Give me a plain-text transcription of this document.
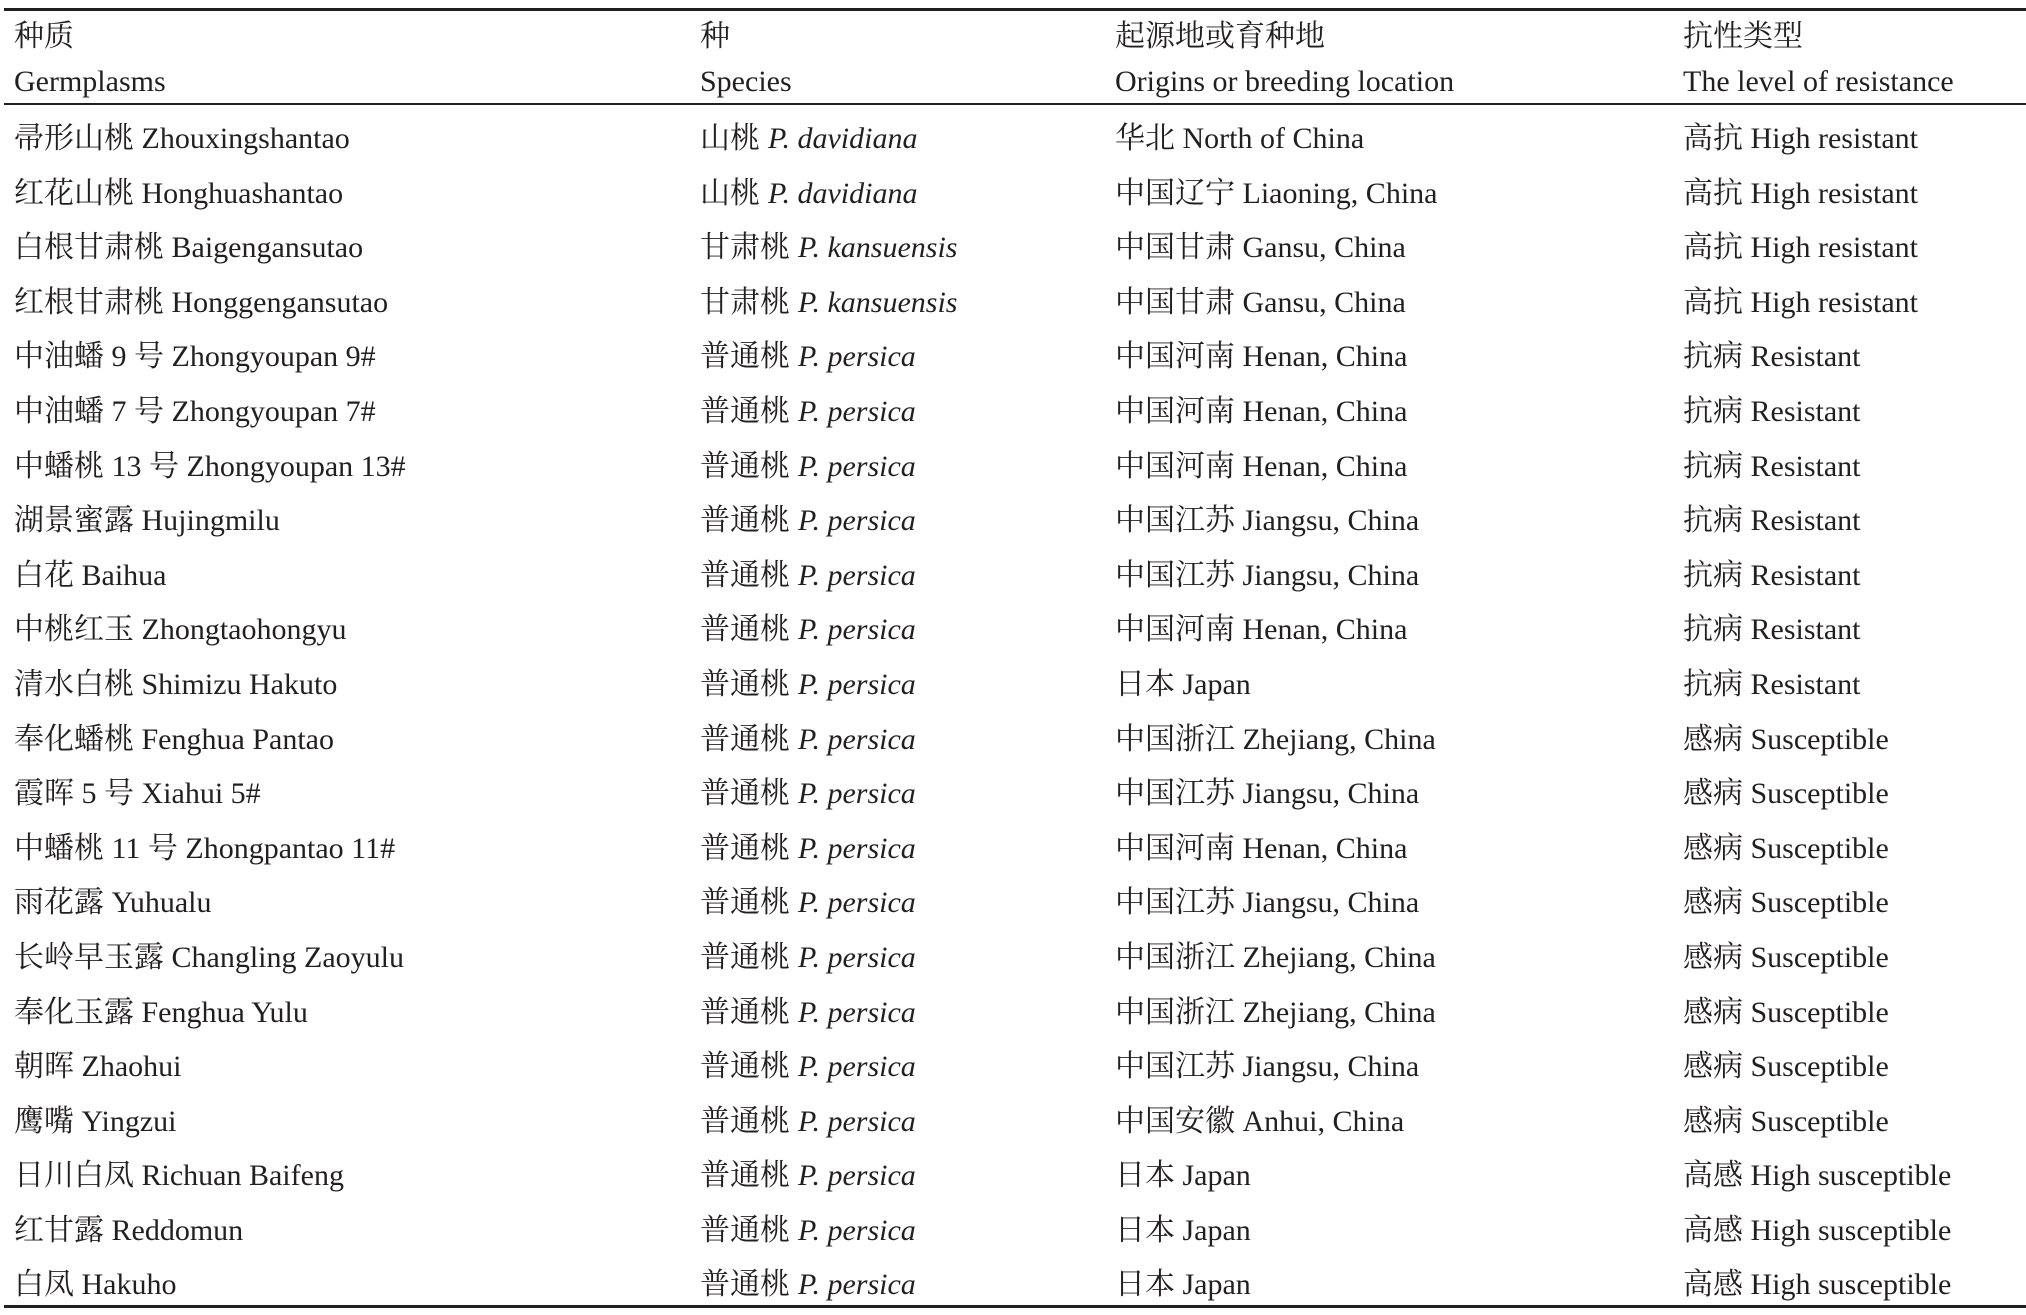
种质	种	起源地或育种地	抗性类型
Germplasms	Species	Origins or breeding location	The level of resistance
帚形山桃 Zhouxingshantao	山桃 P. davidiana	华北 North of China	高抗 High resistant
红花山桃 Honghuashantao	山桃 P. davidiana	中国辽宁 Liaoning, China	高抗 High resistant
白根甘肃桃 Baigengansutao	甘肃桃 P. kansuensis	中国甘肃 Gansu, China	高抗 High resistant
红根甘肃桃 Honggengansutao	甘肃桃 P. kansuensis	中国甘肃 Gansu, China	高抗 High resistant
中油蟠 9 号 Zhongyoupan 9#	普通桃 P. persica	中国河南 Henan, China	抗病 Resistant
中油蟠 7 号 Zhongyoupan 7#	普通桃 P. persica	中国河南 Henan, China	抗病 Resistant
中蟠桃 13 号 Zhongyoupan 13#	普通桃 P. persica	中国河南 Henan, China	抗病 Resistant
湖景蜜露 Hujingmilu	普通桃 P. persica	中国江苏 Jiangsu, China	抗病 Resistant
白花 Baihua	普通桃 P. persica	中国江苏 Jiangsu, China	抗病 Resistant
中桃红玉 Zhongtaohongyu	普通桃 P. persica	中国河南 Henan, China	抗病 Resistant
清水白桃 Shimizu Hakuto	普通桃 P. persica	日本 Japan	抗病 Resistant
奉化蟠桃 Fenghua Pantao	普通桃 P. persica	中国浙江 Zhejiang, China	感病 Susceptible
霞晖 5 号 Xiahui 5#	普通桃 P. persica	中国江苏 Jiangsu, China	感病 Susceptible
中蟠桃 11 号 Zhongpantao 11#	普通桃 P. persica	中国河南 Henan, China	感病 Susceptible
雨花露 Yuhualu	普通桃 P. persica	中国江苏 Jiangsu, China	感病 Susceptible
长岭早玉露 Changling Zaoyulu	普通桃 P. persica	中国浙江 Zhejiang, China	感病 Susceptible
奉化玉露 Fenghua Yulu	普通桃 P. persica	中国浙江 Zhejiang, China	感病 Susceptible
朝晖 Zhaohui	普通桃 P. persica	中国江苏 Jiangsu, China	感病 Susceptible
鹰嘴 Yingzui	普通桃 P. persica	中国安徽 Anhui, China	感病 Susceptible
日川白凤 Richuan Baifeng	普通桃 P. persica	日本 Japan	高感 High susceptible
红甘露 Reddomun	普通桃 P. persica	日本 Japan	高感 High susceptible
白凤 Hakuho	普通桃 P. persica	日本 Japan	高感 High susceptible
